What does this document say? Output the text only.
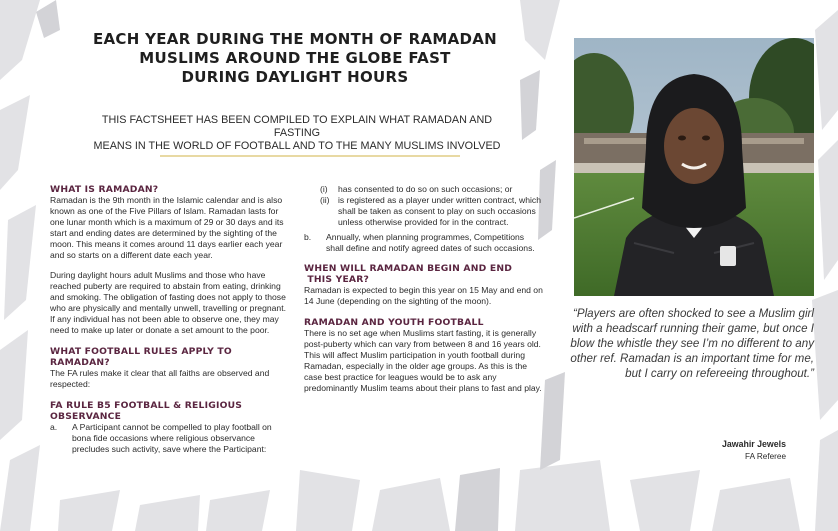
EACH YEAR DURING THE MONTH OF RAMADAN
MUSLIMS AROUND THE GLOBE FAST
DURING DAYLIGHT HOURS

THIS FACTSHEET HAS BEEN COMPILED TO EXPLAIN WHAT RAMADAN AND FASTING
MEANS IN THE WORLD OF FOOTBALL AND TO THE MANY MUSLIMS INVOLVED

WHAT IS RAMADAN?

Ramadan is the 9th month in the Islamic calendar and is also known as one of the Five Pillars of Islam. Ramadan lasts for one lunar month which is a maximum of 29 or 30 days and its start and ending dates are determined by the sighting of the moon. This means it comes around 11 days earlier each year and so starts on a different date each year.

During daylight hours adult Muslims and those who have reached puberty are required to abstain from eating, drinking and smoking. The obligation of fasting does not apply to those who are physically and mentally unwell, travelling or pregnant. If any individual has not been able to observe one, they may need to make up later or donate a set amount to the poor.

WHAT FOOTBALL RULES APPLY TO RAMADAN?

The FA rules make it clear that all faiths are observed and respected:

FA RULE B5 FOOTBALL & RELIGIOUS OBSERVANCE
a.	A Participant cannot be compelled to play football on bona fide occasions where religious observance precludes such activity, save where the Participant:
(i)	has consented to do so on such occasions; or
(ii) is registered as a player under written contract, which shall be taken as consent to play on such occasions unless otherwise provided for in the contract.
b.	Annually, when planning programmes, Competitions shall define and notify agreed dates of such occasions.
WHEN WILL RAMADAN BEGIN AND END
THIS YEAR?

Ramadan is expected to begin this year on 15 May and end on 14 June (depending on the sighting of the moon).

RAMADAN AND YOUTH FOOTBALL

There is no set age when Muslims start fasting, it is generally post-puberty which can vary from between 8 and 16 years old. This will affect Muslim participation in youth football during Ramadan, especially in the older age groups. As this is the case best practice for leagues would be to ask any predominantly Muslim teams about their plans to fast and play.

“Players are often shocked to see a Muslim girl with a headscarf running their game, but once I blow the whistle they see I’m no different to any other ref. Ramadan is an important time for me, but I carry on refereeing throughout.”

Jawahir Jewels
FA Referee
